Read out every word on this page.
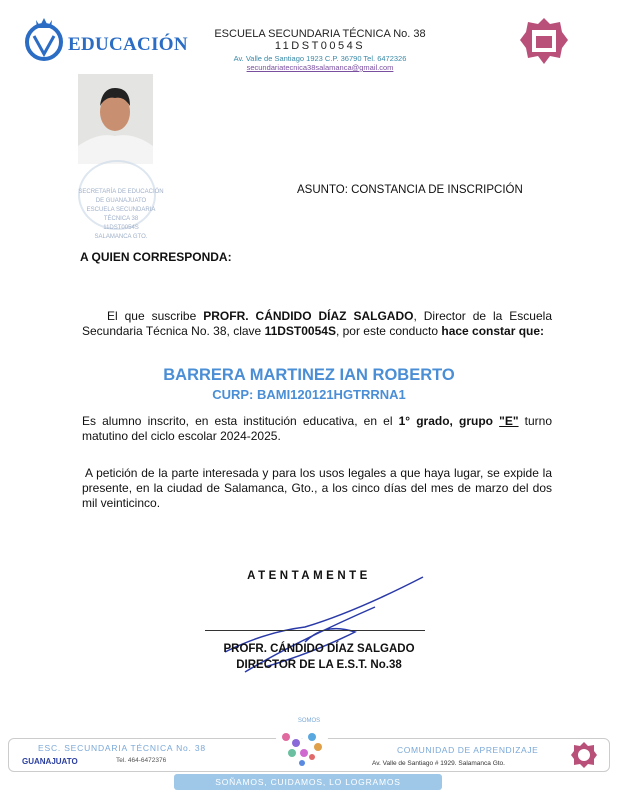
EDUCACIÓN	ESCUELA SECUNDARIA TÉCNICA No. 38
11DST0054S
Av. Valle de Santiago 1923 C.P. 36790 Tel. 6472326
secundariatecnica38salamanca@gmail.com
SECRETARÍA DE EDUCACIÓN
DE GUANAJUATO
ESCUELA SECUNDARIA
TÉCNICA 38
11DST0054S
SALAMANCA GTO.
ASUNTO: CONSTANCIA DE INSCRIPCIÓN
A QUIEN CORRESPONDA:
El que suscribe PROFR. CÁNDIDO DÍAZ SALGADO, Director de la Escuela Secundaria Técnica No. 38, clave 11DST0054S, por este conducto hace constar que:
BARRERA MARTINEZ IAN ROBERTO
CURP: BAMI120121HGTRRNA1
Es alumno inscrito, en esta institución educativa, en el 1° grado, grupo "E" turno matutino del ciclo escolar 2024-2025.
A petición de la parte interesada y para los usos legales a que haya lugar, se expide la presente, en la ciudad de Salamanca, Gto., a los cinco días del mes de marzo del dos mil veinticinco.
ATENTAMENTE
PROFR. CÁNDIDO DÍAZ SALGADO
DIRECTOR DE LA E.S.T. No.38
SOMOS
ESC. SECUNDARIA TÉCNICA No. 38
GUANAJUATO	Tel. 464-6472376
COMUNIDAD DE APRENDIZAJE
Av. Valle de Santiago # 1929. Salamanca Gto.
SOÑAMOS, CUIDAMOS, LO LOGRAMOS
